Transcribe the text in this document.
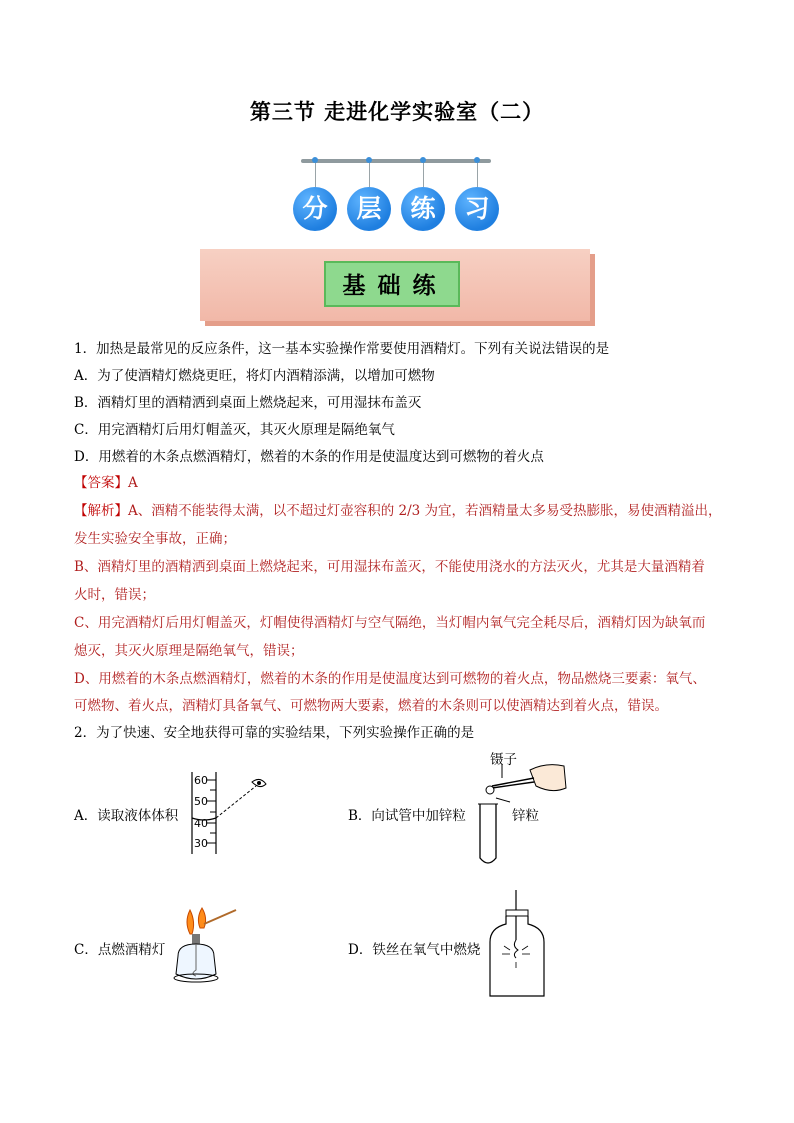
第三节 走进化学实验室（二）
分	层	练	习
基础练
1．加热是最常见的反应条件，这一基本实验操作常要使用酒精灯。下列有关说法错误的是
A．为了使酒精灯燃烧更旺，将灯内酒精添满，以增加可燃物
B．酒精灯里的酒精洒到桌面上燃烧起来，可用湿抹布盖灭
C．用完酒精灯后用灯帽盖灭，其灭火原理是隔绝氧气
D．用燃着的木条点燃酒精灯，燃着的木条的作用是使温度达到可燃物的着火点
【答案】A
【解析】A、酒精不能装得太满，以不超过灯壶容积的 2/3 为宜，若酒精量太多易受热膨胀，易使酒精溢出，
发生实验安全事故，正确；
B、酒精灯里的酒精洒到桌面上燃烧起来，可用湿抹布盖灭，不能使用浇水的方法灭火，尤其是大量酒精着
火时，错误；
C、用完酒精灯后用灯帽盖灭，灯帽使得酒精灯与空气隔绝，当灯帽内氧气完全耗尽后，酒精灯因为缺氧而
熄灭，其灭火原理是隔绝氧气，错误；
D、用燃着的木条点燃酒精灯，燃着的木条的作用是使温度达到可燃物的着火点，物品燃烧三要素：氧气、
可燃物、着火点，酒精灯具备氧气、可燃物两大要素，燃着的木条则可以使酒精达到着火点，错误。
2．为了快速、安全地获得可靠的实验结果，下列实验操作正确的是
A．读取液体体积	B．向试管中加锌粒
C．点燃酒精灯	D．铁丝在氧气中燃烧
60
50
40
30
镊子
锌粒
